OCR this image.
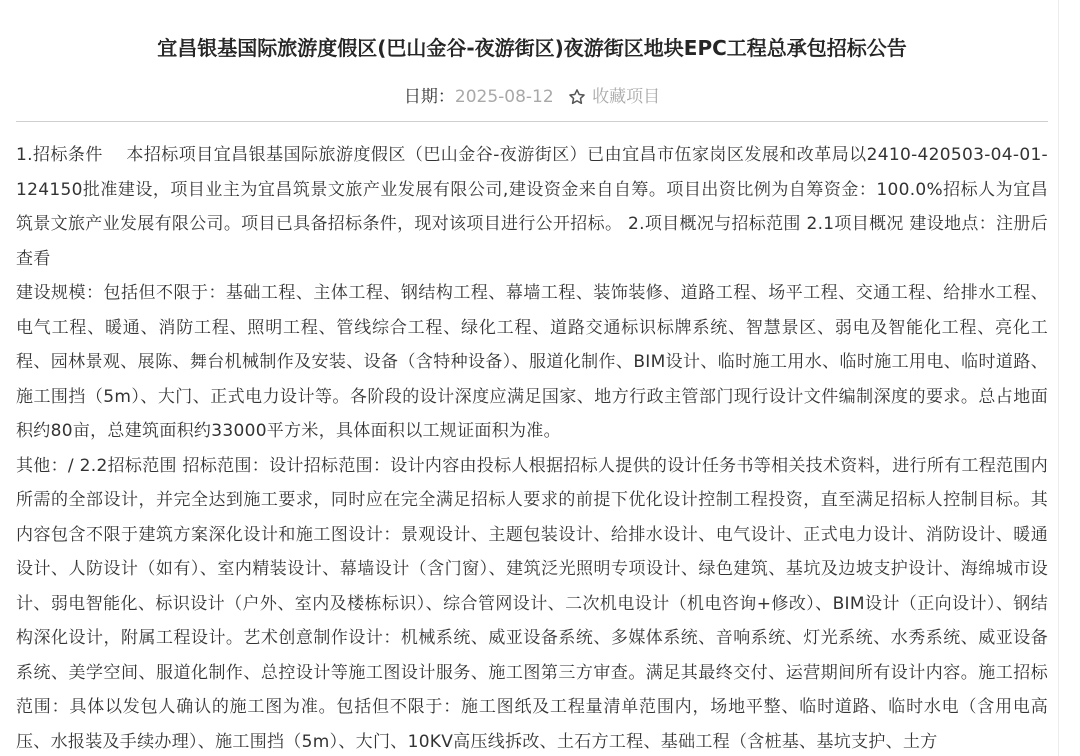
宜昌银基国际旅游度假区(巴山金谷-夜游街区)夜游街区地块EPC工程总承包招标公告
日期：2025-08-12 收藏项目
1.招标条件    本招标项目宜昌银基国际旅游度假区（巴山金谷-夜游街区）已由宜昌市伍家岗区发展和改革局以2410-420503-04-01-124150批准建设，项目业主为宜昌筑景文旅产业发展有限公司,建设资金来自自筹。项目出资比例为自筹资金：100.0%招标人为宜昌筑景文旅产业发展有限公司。项目已具备招标条件，现对该项目进行公开招标。 2.项目概况与招标范围 2.1项目概况 建设地点：注册后查看
建设规模：包括但不限于：基础工程、主体工程、钢结构工程、幕墙工程、装饰装修、道路工程、场平工程、交通工程、给排水工程、电气工程、暖通、消防工程、照明工程、管线综合工程、绿化工程、道路交通标识标牌系统、智慧景区、弱电及智能化工程、亮化工程、园林景观、展陈、舞台机械制作及安装、设备（含特种设备）、服道化制作、BIM设计、临时施工用水、临时施工用电、临时道路、施工围挡（5m）、大门、正式电力设计等。各阶段的设计深度应满足国家、地方行政主管部门现行设计文件编制深度的要求。总占地面积约80亩，总建筑面积约33000平方米，具体面积以工规证面积为准。
其他：/ 2.2招标范围 招标范围：设计招标范围：设计内容由投标人根据招标人提供的设计任务书等相关技术资料，进行所有工程范围内所需的全部设计，并完全达到施工要求，同时应在完全满足招标人要求的前提下优化设计控制工程投资，直至满足招标人控制目标。其内容包含不限于建筑方案深化设计和施工图设计：景观设计、主题包装设计、给排水设计、电气设计、正式电力设计、消防设计、暖通设计、人防设计（如有）、室内精装设计、幕墙设计（含门窗）、建筑泛光照明专项设计、绿色建筑、基坑及边坡支护设计、海绵城市设计、弱电智能化、标识设计（户外、室内及楼栋标识）、综合管网设计、二次机电设计（机电咨询+修改）、BIM设计（正向设计）、钢结构深化设计，附属工程设计。艺术创意制作设计：机械系统、威亚设备系统、多媒体系统、音响系统、灯光系统、水秀系统、威亚设备系统、美学空间、服道化制作、总控设计等施工图设计服务、施工图第三方审查。满足其最终交付、运营期间所有设计内容。施工招标范围：具体以发包人确认的施工图为准。包括但不限于：施工图纸及工程量清单范围内，场地平整、临时道路、临时水电（含用电高压、水报装及手续办理）、施工围挡（5m）、大门、10KV高压线拆改、土石方工程、基础工程（含桩基、基坑支护、土方
